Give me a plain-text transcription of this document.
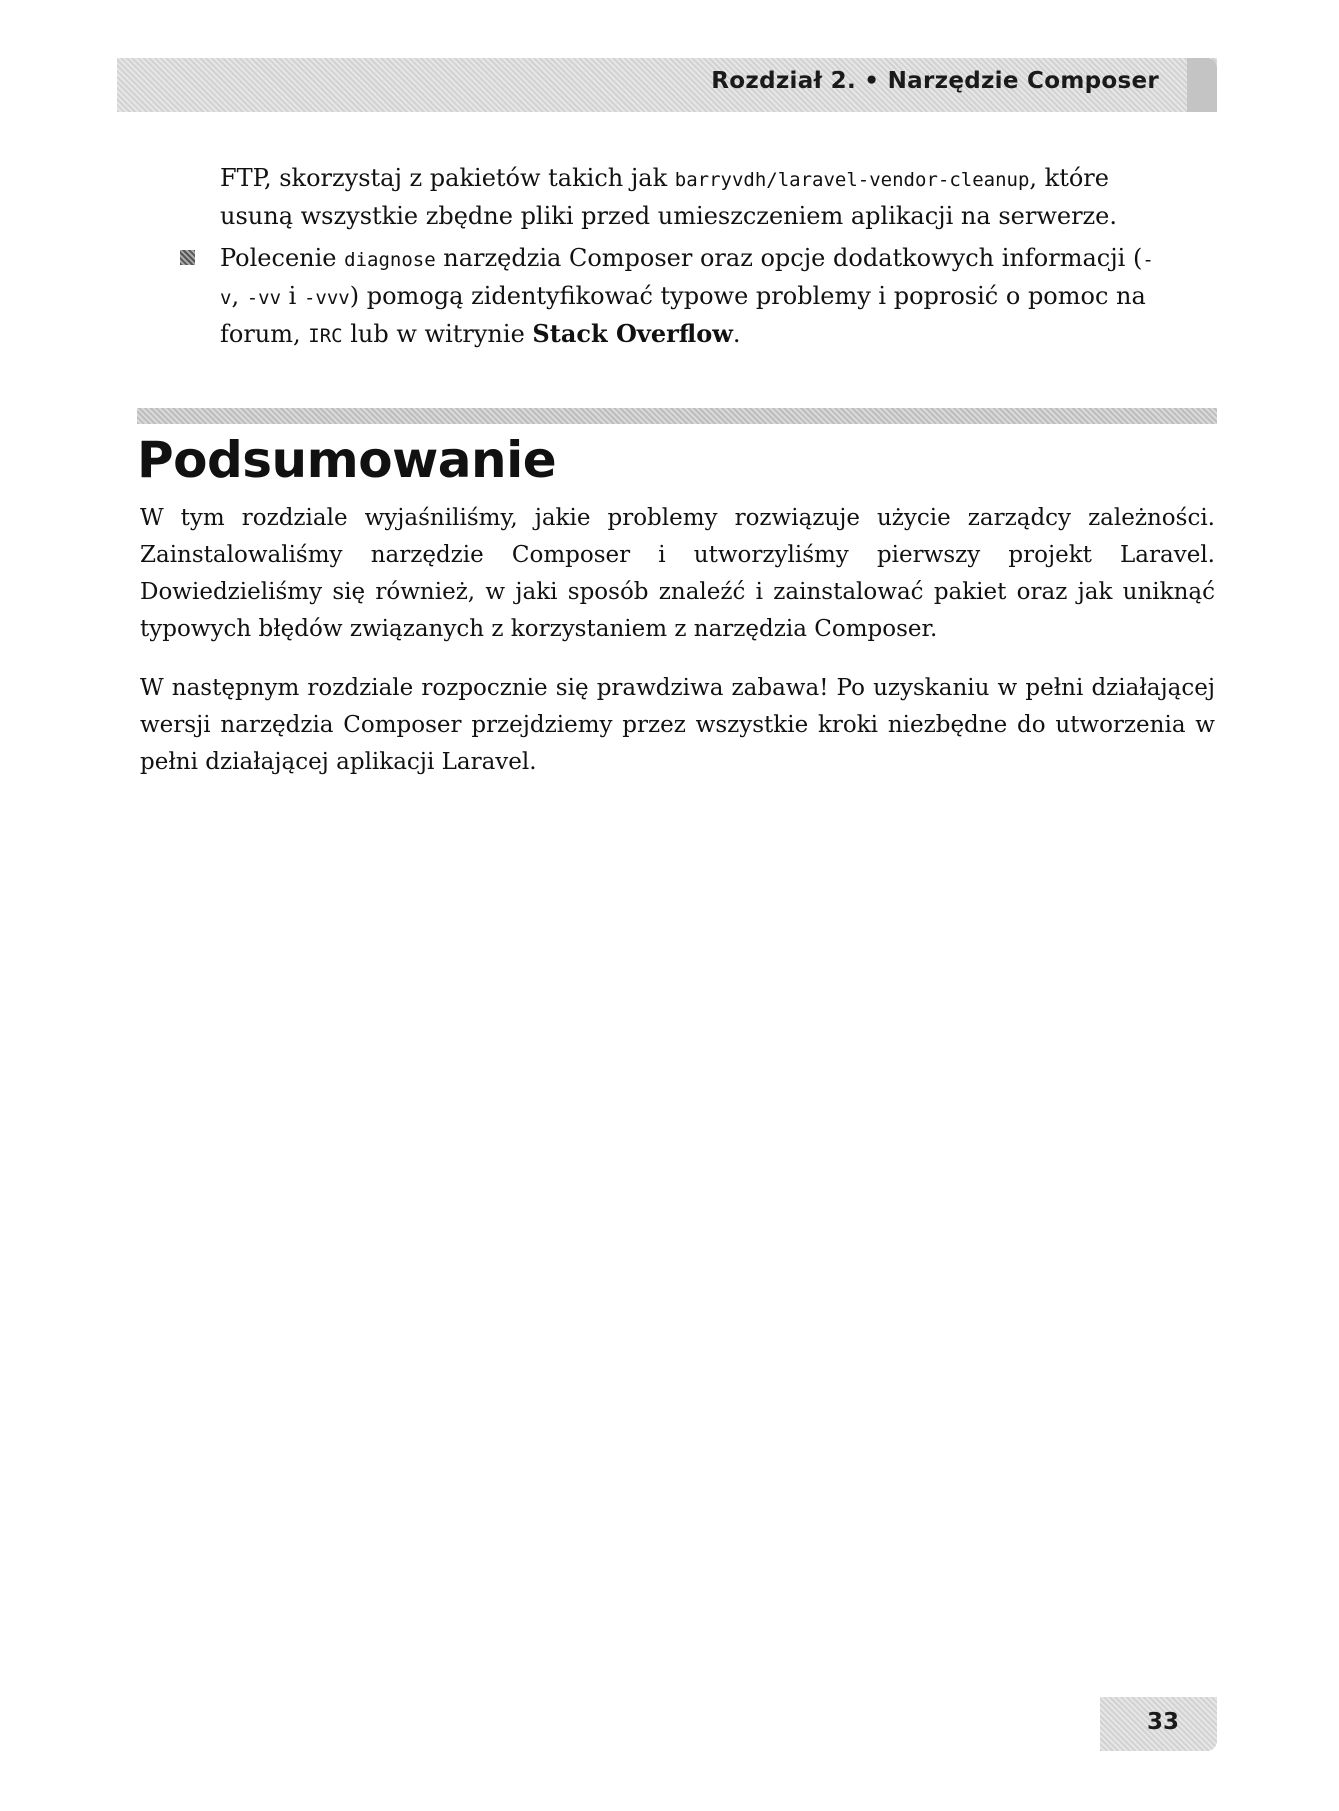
Rozdział 2. • Narzędzie Composer
FTP, skorzystaj z pakietów takich jak barryvdh/laravel-vendor-cleanup, które usuną wszystkie zbędne pliki przed umieszczeniem aplikacji na serwerze.
Polecenie diagnose narzędzia Composer oraz opcje dodatkowych informacji (-v, -vv i -vvv) pomogą zidentyfikować typowe problemy i poprosić o pomoc na forum, IRC lub w witrynie Stack Overflow.
Podsumowanie

W tym rozdziale wyjaśniliśmy, jakie problemy rozwiązuje użycie zarządcy zależności. Zainstalowaliśmy narzędzie Composer i utworzyliśmy pierwszy projekt Laravel. Dowiedzieliśmy się również, w jaki sposób znaleźć i zainstalować pakiet oraz jak uniknąć typowych błędów związanych z korzystaniem z narzędzia Composer.

W następnym rozdziale rozpocznie się prawdziwa zabawa! Po uzyskaniu w pełni działającej wersji narzędzia Composer przejdziemy przez wszystkie kroki niezbędne do utworzenia w pełni działającej aplikacji Laravel.

33
